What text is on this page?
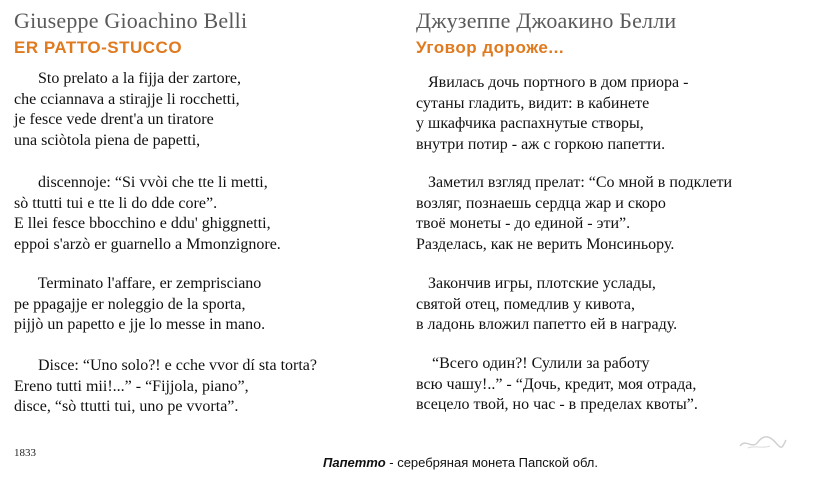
Giuseppe Gioachino Belli
ER PATTO-STUCCO
Sto prelato a la fijja der zartore,
che cciannava a stirajje li rocchetti,
je fesce vede drent'a un tiratore
una sciòtola piena de papetti,
discennoje: “Si vvòi che tte li metti,
sò ttutti tui e tte li do dde core”.
E llei fesce bbocchino e ddu' ghiggnetti,
eppoi s'arzò er guarnello a Mmonzignore.
Terminato l'affare, er zemprisciano
pe ppagajje er noleggio de la sporta,
pijjò un papetto e jje lo messe in mano.
Disce: “Uno solo?! e cche vvor dí sta torta?
Ereno tutti mii!...” - “Fijjola, piano”,
disce, “sò ttutti tui, uno pe vvorta”.
Джузеппе Джоакино Белли
Уговор дороже...
Явилась дочь портного в дом приора -
сутаны гладить, видит: в кабинете
у шкафчика распахнутые створы,
внутри потир - аж с горкою папетти.
Заметил взгляд прелат: “Со мной в подклети
возляг, познаешь сердца жар и скоро
твоё монеты - до единой - эти”.
Разделась, как не верить Монсиньору.
Закончив игры, плотские услады,
святой отец, помедлив у кивота,
в ладонь вложил папетто ей в награду.
“Всего один?! Сулили за работу
всю чашу!..” - “Дочь, кредит, моя отрада,
всецело твой, но час - в пределах квоты”.
1833
Папетто - серебряная монета Папской обл.
